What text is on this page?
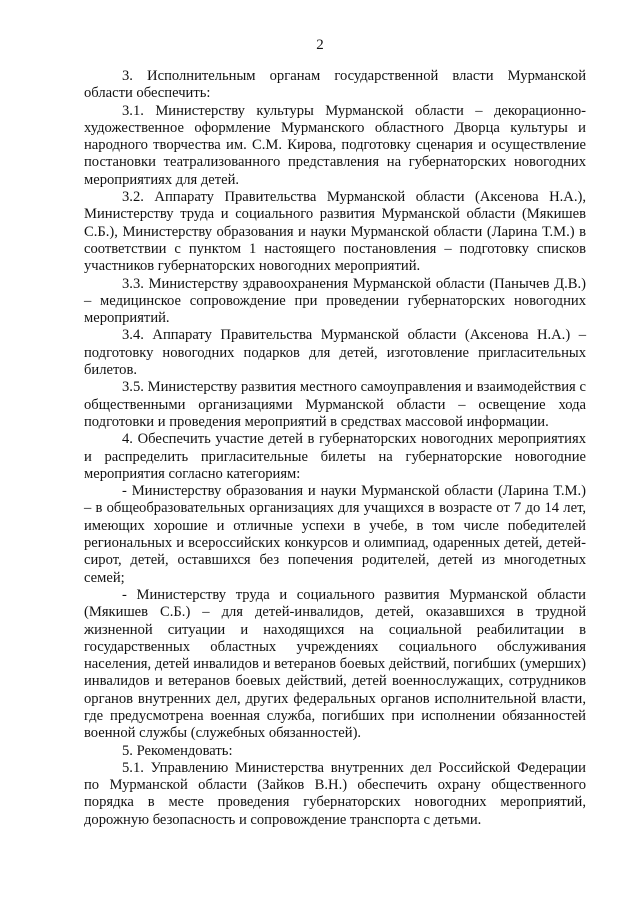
2

3. Исполнительным органам государственной власти Мурманской области обеспечить:

3.1. Министерству культуры Мурманской области – декорационно-художественное оформление Мурманского областного Дворца культуры и народного творчества им. С.М. Кирова, подготовку сценария и осуществление постановки театрализованного представления на губернаторских новогодних мероприятиях для детей.

3.2. Аппарату Правительства Мурманской области (Аксенова Н.А.), Министерству труда и социального развития Мурманской области (Мякишев С.Б.), Министерству образования и науки Мурманской области (Ларина Т.М.) в соответствии с пунктом 1 настоящего постановления – подготовку списков участников губернаторских новогодних мероприятий.

3.3. Министерству здравоохранения Мурманской области (Панычев Д.В.) – медицинское сопровождение при проведении губернаторских новогодних мероприятий.

3.4. Аппарату Правительства Мурманской области (Аксенова Н.А.) – подготовку новогодних подарков для детей, изготовление пригласительных билетов.

3.5. Министерству развития местного самоуправления и взаимодействия с общественными организациями Мурманской области – освещение хода подготовки и проведения мероприятий в средствах массовой информации.

4. Обеспечить участие детей в губернаторских новогодних мероприятиях и распределить пригласительные билеты на губернаторские новогодние мероприятия согласно категориям:

- Министерству образования и науки Мурманской области (Ларина Т.М.) – в общеобразовательных организациях для учащихся в возрасте от 7 до 14 лет, имеющих хорошие и отличные успехи в учебе, в том числе победителей региональных и всероссийских конкурсов и олимпиад, одаренных детей, детей-сирот, детей, оставшихся без попечения родителей, детей из многодетных семей;

- Министерству труда и социального развития Мурманской области (Мякишев С.Б.) – для детей-инвалидов, детей, оказавшихся в трудной жизненной ситуации и находящихся на социальной реабилитации в государственных областных учреждениях социального обслуживания населения, детей инвалидов и ветеранов боевых действий, погибших (умерших) инвалидов и ветеранов боевых действий, детей военнослужащих, сотрудников органов внутренних дел, других федеральных органов исполнительной власти, где предусмотрена военная служба, погибших при исполнении обязанностей военной службы (служебных обязанностей).

5. Рекомендовать:

5.1. Управлению Министерства внутренних дел Российской Федерации по Мурманской области (Зайков В.Н.) обеспечить охрану общественного порядка в месте проведения губернаторских новогодних мероприятий, дорожную безопасность и сопровождение транспорта с детьми.
